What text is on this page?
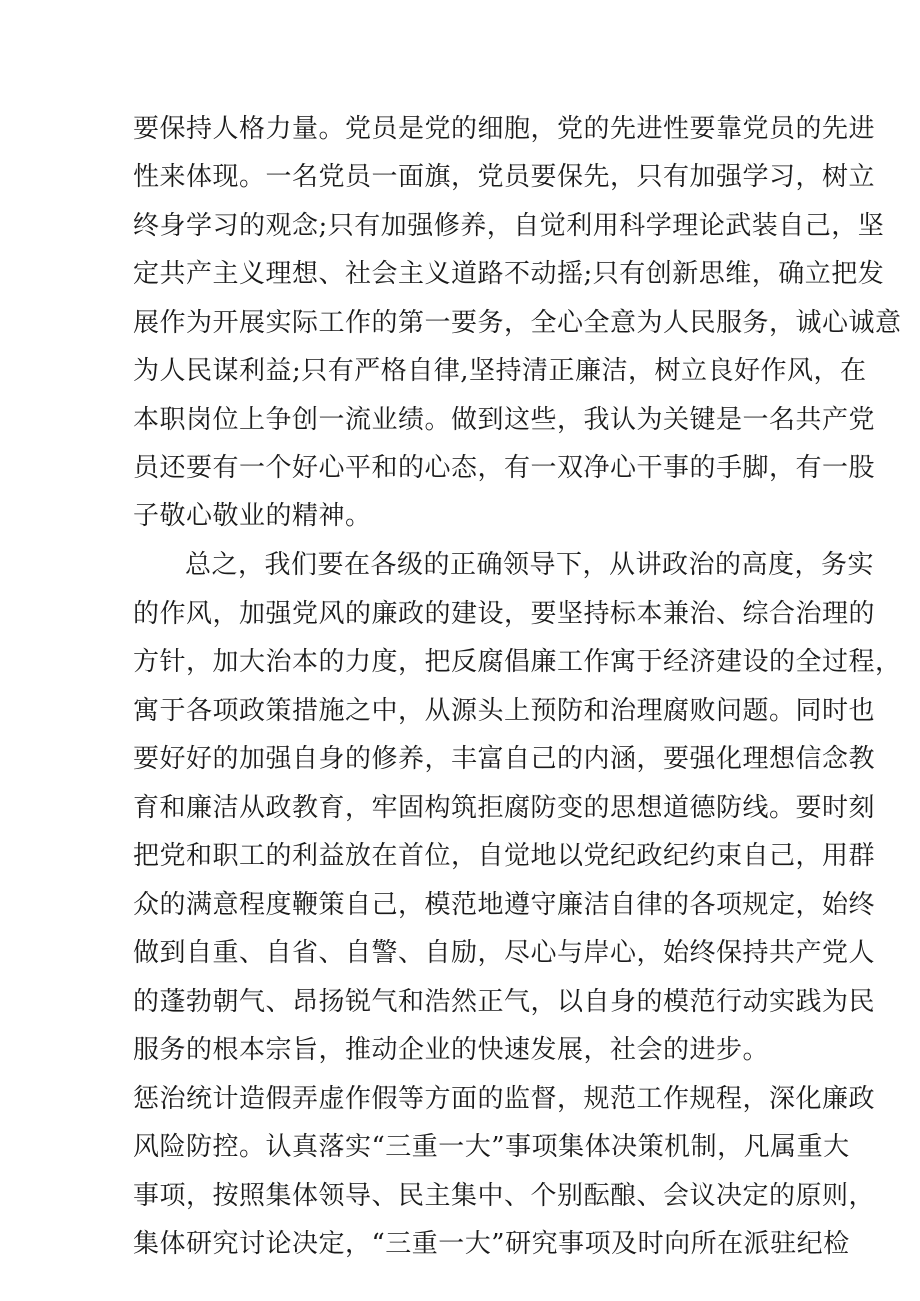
要保持人格力量。党员是党的细胞，党的先进性要靠党员的先进
性来体现。一名党员一面旗，党员要保先，只有加强学习，树立
终身学习的观念;只有加强修养，自觉利用科学理论武装自己，坚
定共产主义理想、社会主义道路不动摇;只有创新思维，确立把发
展作为开展实际工作的第一要务，全心全意为人民服务，诚心诚意
为人民谋利益;只有严格自律,坚持清正廉洁，树立良好作风，在
本职岗位上争创一流业绩。做到这些，我认为关键是一名共产党
员还要有一个好心平和的心态，有一双净心干事的手脚，有一股
子敬心敬业的精神。
总之，我们要在各级的正确领导下，从讲政治的高度，务实
的作风，加强党风的廉政的建设，要坚持标本兼治、综合治理的
方针，加大治本的力度，把反腐倡廉工作寓于经济建设的全过程，
寓于各项政策措施之中，从源头上预防和治理腐败问题。同时也
要好好的加强自身的修养，丰富自己的内涵，要强化理想信念教
育和廉洁从政教育，牢固构筑拒腐防变的思想道德防线。要时刻
把党和职工的利益放在首位，自觉地以党纪政纪约束自己，用群
众的满意程度鞭策自己，模范地遵守廉洁自律的各项规定，始终
做到自重、自省、自警、自励，尽心与岸心，始终保持共产党人
的蓬勃朝气、昂扬锐气和浩然正气，以自身的模范行动实践为民
服务的根本宗旨，推动企业的快速发展，社会的进步。
惩治统计造假弄虚作假等方面的监督，规范工作规程，深化廉政
风险防控。认真落实“三重一大”事项集体决策机制，凡属重大
事项，按照集体领导、民主集中、个别酝酿、会议决定的原则，
集体研究讨论决定，“三重一大”研究事项及时向所在派驻纪检
